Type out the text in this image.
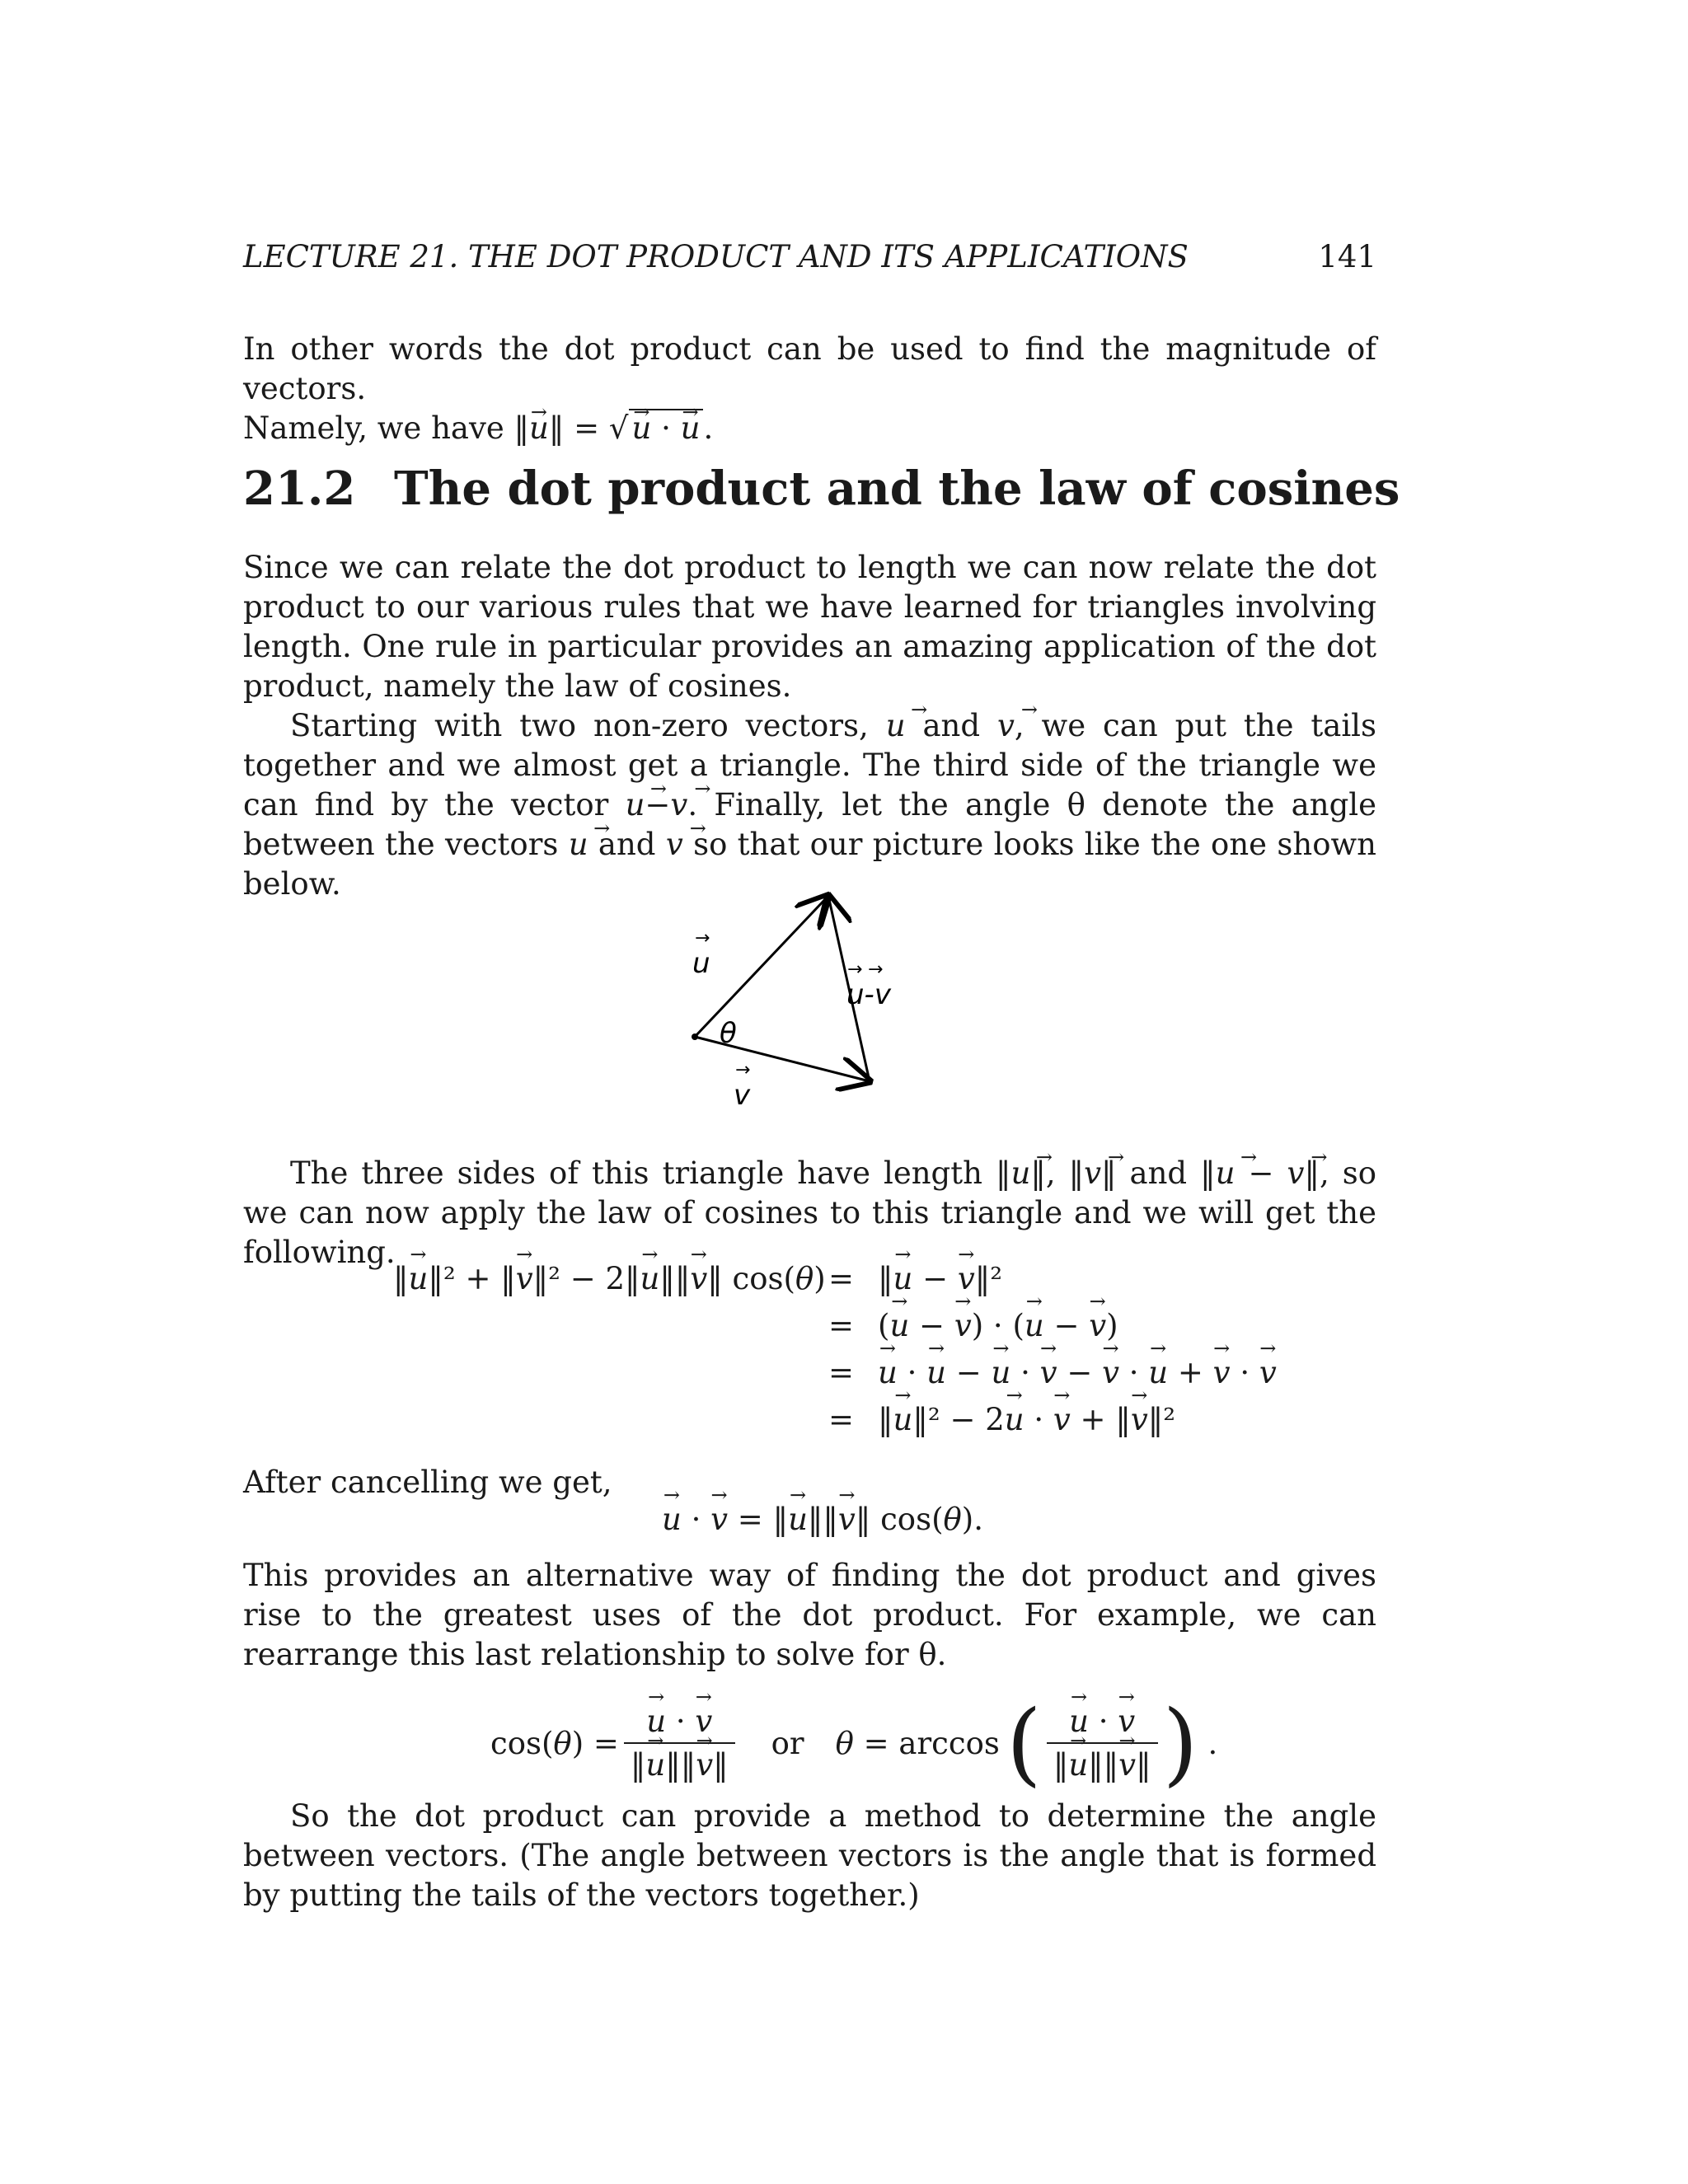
LECTURE 21. THE DOT PRODUCT AND ITS APPLICATIONS	141

In other words the dot product can be used to find the magnitude of vectors.
Namely, we have ‖→ u‖ = √ → u · → u .

21.2 The dot product and the law of cosines

Since we can relate the dot product to length we can now relate the dot product to our various rules that we have learned for triangles involving length. One rule in particular provides an amazing application of the dot product, namely the law of cosines.

Starting with two non-zero vectors, → u and → v, we can put the tails together and we almost get a triangle. The third side of the triangle we can find by the vector → u−→ v. Finally, let the angle θ denote the angle between the vectors → u and → v so that our picture looks like the one shown below.

u
→
v
→
u-v
→ →
θ

The three sides of this triangle have length ‖→ u‖, ‖→ v‖ and ‖→ u − → v‖, so we can now apply the law of cosines to this triangle and we will get the following.

‖→ u‖² + ‖→ v‖² − 2‖→ u‖‖→ v‖ cos(θ) = ‖→ u − → v‖²
= (→ u − → v) · (→ u − → v)
= → u · → u − → u · → v − → v · → u + → v · → v
= ‖→ u‖² − 2→ u · → v + ‖→ v‖²

After cancelling we get,

→ u · → v = ‖→ u‖‖→ v‖ cos(θ).

This provides an alternative way of finding the dot product and gives rise to the greatest uses of the dot product. For example, we can rearrange this last relationship to solve for θ.

cos(θ) = → $\frac{u \cdot \to v}{‖\to u‖‖\to v‖}$ or θ = arccos ( → $\frac{u \cdot \to v}{‖\to u‖‖\to v‖}$ ) .

So the dot product can provide a method to determine the angle between vectors. (The angle between vectors is the angle that is formed by putting the tails of the vectors together.)
